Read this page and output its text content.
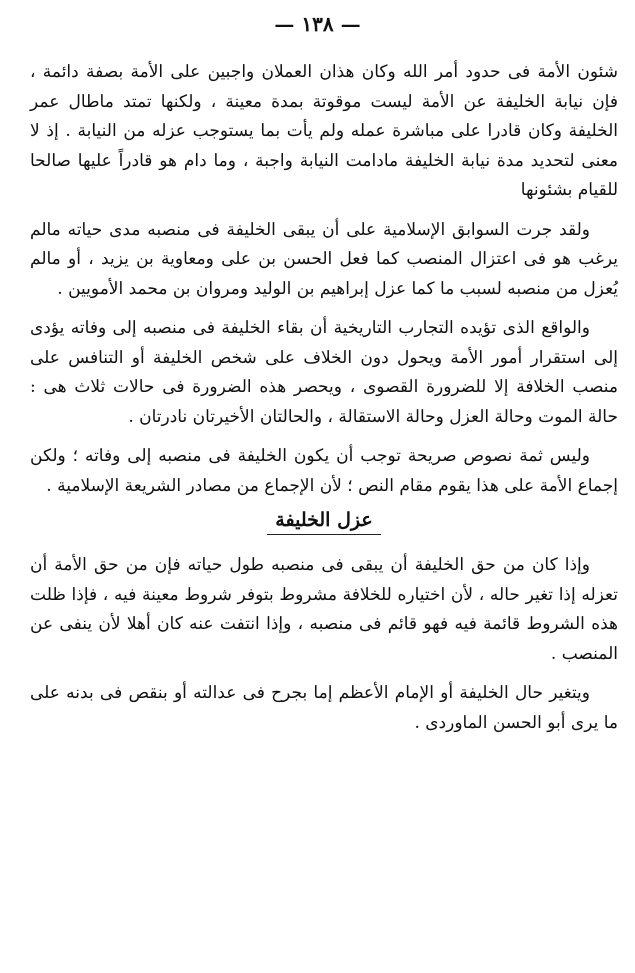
— ١٣٨ —

شئون الأمة فى حدود أمر الله وكان هذان العملان واجبين على الأمة بصفة دائمة ، فإن نيابة الخليفة عن الأمة ليست موقوتة بمدة معينة ، ولكنها تمتد ماطال عمر الخليفة وكان قادرا على مباشرة عمله ولم يأت بما يستوجب عزله من النيابة . إذ لا معنى لتحديد مدة نيابة الخليفة مادامت النيابة واجبة ، وما دام هو قادراً عليها صالحا للقيام بشئونها

ولقد جرت السوابق الإسلامية على أن يبقى الخليفة فى منصبه مدى حياته مالم يرغب هو فى اعتزال المنصب كما فعل الحسن بن على ومعاوية بن يزيد ، أو مالم يُعزل من منصبه لسبب ما كما عزل إبراهيم بن الوليد ومروان بن محمد الأمويين .

والواقع الذى تؤيده التجارب التاريخية أن بقاء الخليفة فى منصبه إلى وفاته يؤدى إلى استقرار أمور الأمة ويحول دون الخلاف على شخص الخليفة أو التنافس على منصب الخلافة إلا للضرورة القصوى ، ويحصر هذه الضرورة فى حالات ثلاث هى : حالة الموت وحالة العزل وحالة الاستقالة ، والحالتان الأخيرتان نادرتان .

وليس ثمة نصوص صريحة توجب أن يكون الخليفة فى منصبه إلى وفاته ؛ ولكن إجماع الأمة على هذا يقوم مقام النص ؛ لأن الإجماع من مصادر الشريعة الإسلامية .

عزل الخليفة

وإذا كان من حق الخليفة أن يبقى فى منصبه طول حياته فإن من حق الأمة أن تعزله إذا تغير حاله ، لأن اختياره للخلافة مشروط بتوفر شروط معينة فيه ، فإذا ظلت هذه الشروط قائمة فيه فهو قائم فى منصبه ، وإذا انتفت عنه كان أهلا لأن ينفى عن المنصب .

ويتغير حال الخليفة أو الإمام الأعظم إما بجرح فى عدالته أو بنقص فى بدنه على ما يرى أبو الحسن الماوردى .
